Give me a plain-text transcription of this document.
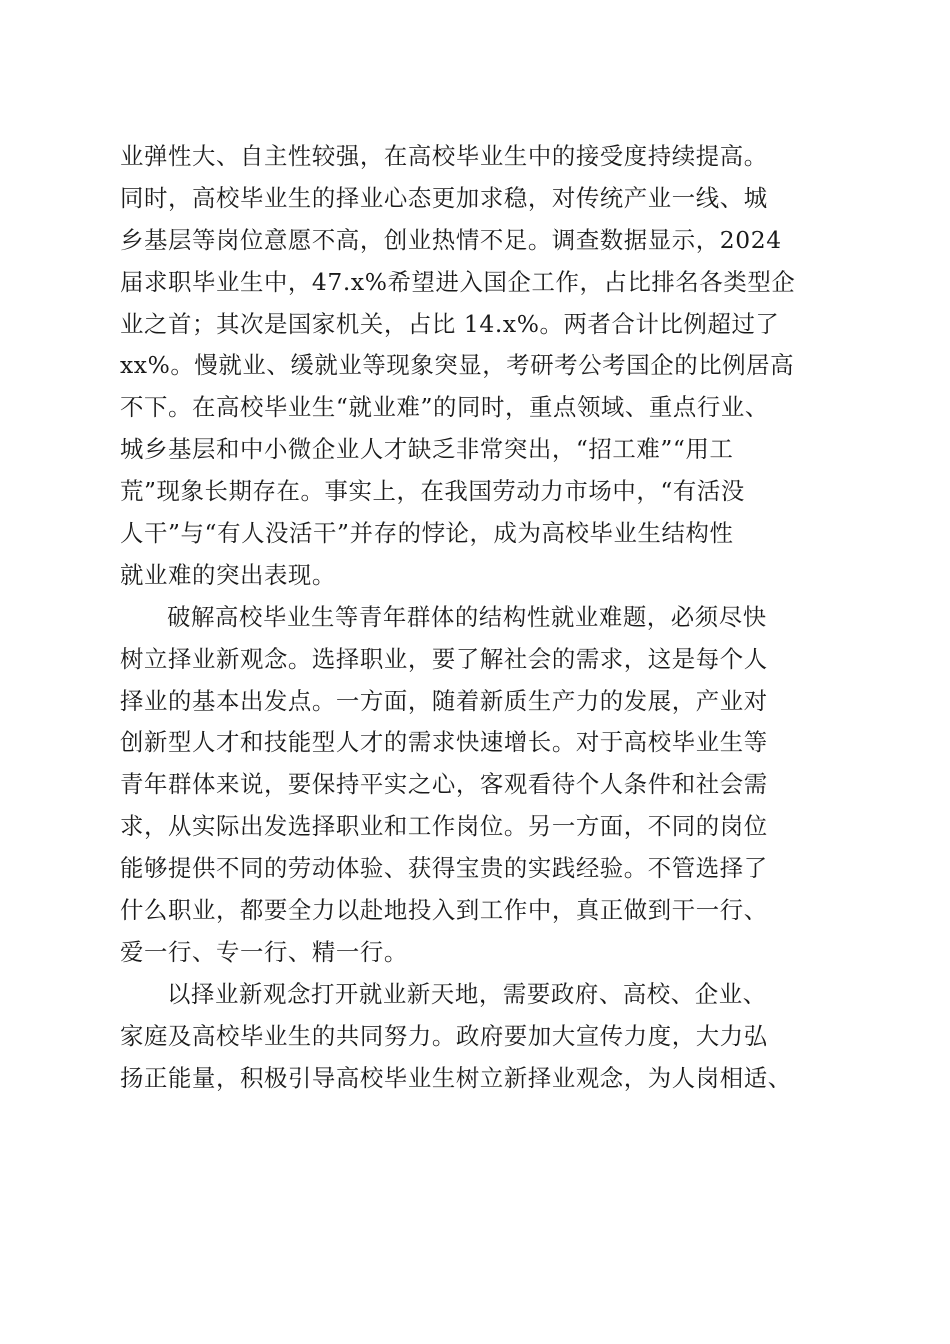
业弹性大、自主性较强，在高校毕业生中的接受度持续提高。
同时，高校毕业生的择业心态更加求稳，对传统产业一线、城
乡基层等岗位意愿不高，创业热情不足。调查数据显示，2024
届求职毕业生中，47.x%希望进入国企工作，占比排名各类型企
业之首；其次是国家机关，占比 14.x%。两者合计比例超过了
xx%。慢就业、缓就业等现象突显，考研考公考国企的比例居高
不下。在高校毕业生“就业难”的同时，重点领域、重点行业、
城乡基层和中小微企业人才缺乏非常突出，“招工难”“用工
荒”现象长期存在。事实上，在我国劳动力市场中，“有活没
人干”与“有人没活干”并存的悖论，成为高校毕业生结构性
就业难的突出表现。
破解高校毕业生等青年群体的结构性就业难题，必须尽快
树立择业新观念。选择职业，要了解社会的需求，这是每个人
择业的基本出发点。一方面，随着新质生产力的发展，产业对
创新型人才和技能型人才的需求快速增长。对于高校毕业生等
青年群体来说，要保持平实之心，客观看待个人条件和社会需
求，从实际出发选择职业和工作岗位。另一方面，不同的岗位
能够提供不同的劳动体验、获得宝贵的实践经验。不管选择了
什么职业，都要全力以赴地投入到工作中，真正做到干一行、
爱一行、专一行、精一行。
以择业新观念打开就业新天地，需要政府、高校、企业、
家庭及高校毕业生的共同努力。政府要加大宣传力度，大力弘
扬正能量，积极引导高校毕业生树立新择业观念，为人岗相适、
